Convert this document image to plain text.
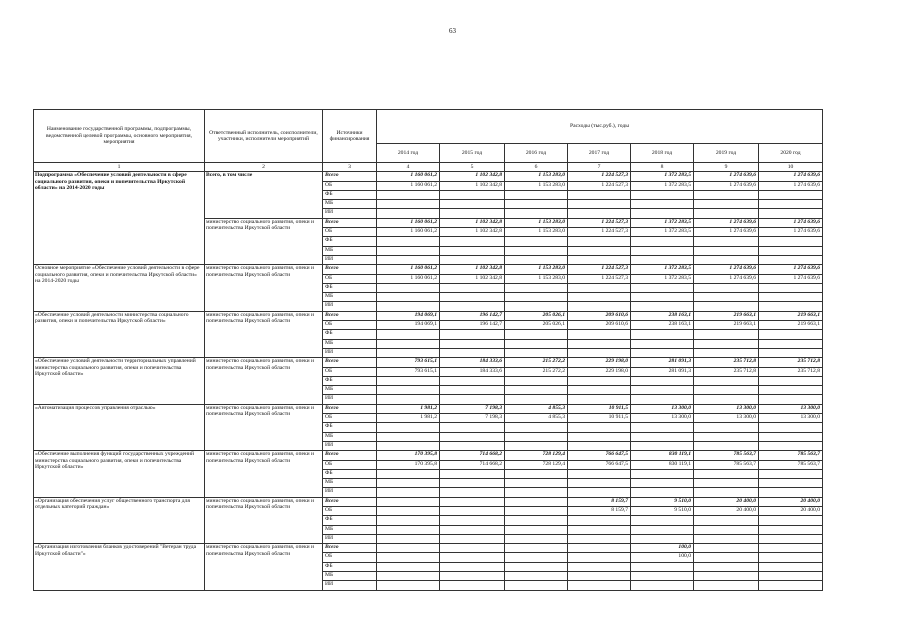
63
Наименование государственной программы, подпрограммы, ведомственной целевой программы, основного мероприятия, мероприятия	Ответственный исполнитель, соисполнители, участники, исполнители мероприятий	Источники финансирования	Расходы (тыс.руб.), годы						
			2014 год	2015 год	2016 год	2017 год	2018 год	2019 год	2020 год
1	2	3	4	5	6	7	8	9	10
Подпрограмма «Обеспечение условий деятельности в сфере социального развития, опеки и попечительства Иркутской области» на 2014-2020 годы	Всего, в том числе	Всего	1 160 061,2	1 102 342,8	1 153 283,0	1 224 527,3	1 372 283,5	1 274 639,6	1 274 639,6
		ОБ	1 160 061,2	1 102 342,8	1 153 283,0	1 224 527,3	1 372 283,5	1 274 639,6	1 274 639,6
		ФБ							
		МБ							
		ИИ							
	министерство социального развития, опеки и попечительства Иркутской области	Всего	1 160 061,2	1 102 342,8	1 153 283,0	1 224 527,3	1 372 283,5	1 274 639,6	1 274 639,6
		ОБ	1 160 061,2	1 102 342,8	1 153 283,0	1 224 527,3	1 372 283,5	1 274 639,6	1 274 639,6
		ФБ							
		МБ							
		ИИ							
Основное мероприятие «Обеспечение условий деятельности в сфере социального развития, опеки и попечительства Иркутской области» на 2014-2020 годы	министерство социального развития, опеки и попечительства Иркутской области	Всего	1 160 061,2	1 102 342,8	1 153 283,0	1 224 527,3	1 372 283,5	1 274 639,6	1 274 639,6
		ОБ	1 160 061,2	1 102 342,8	1 153 283,0	1 224 527,3	1 372 283,5	1 274 639,6	1 274 639,6
		ФБ							
		МБ							
		ИИ							
«Обеспечение условий деятельности министерства социального развития, опеки и попечительства Иркутской области»	министерство социального развития, опеки и попечительства Иркутской области	Всего	194 069,1	196 142,7	205 026,1	209 610,6	238 163,1	219 663,1	219 663,1
		ОБ	194 069,1	196 142,7	205 026,1	209 610,6	238 163,1	219 663,1	219 663,1
		ФБ							
		МБ							
		ИИ							
«Обеспечение условий деятельности территориальных управлений министерства социального развития, опеки и попечительства Иркутской области»	министерство социального развития, опеки и попечительства Иркутской области	Всего	793 615,1	184 333,6	215 272,2	229 198,0	281 091,3	235 712,8	235 712,8
		ОБ	793 615,1	184 333,6	215 272,2	229 198,0	281 091,3	235 712,8	235 712,8
		ФБ							
		МБ							
		ИИ							
«Автоматизация процессов управления отраслью»	министерство социального развития, опеки и попечительства Иркутской области	Всего	1 981,2	7 198,3	4 855,3	10 911,5	13 300,0	13 300,0	13 300,0
		ОБ	1 981,2	7 198,3	4 855,3	10 911,5	13 300,0	13 300,0	13 300,0
		ФБ							
		МБ							
		ИИ							
«Обеспечение выполнения функций государственных учреждений министерства социального развития, опеки и попечительства Иркутской области»	министерство социального развития, опеки и попечительства Иркутской области	Всего	170 395,8	714 668,2	728 129,4	766 647,5	830 119,1	785 563,7	785 563,7
		ОБ	170 395,8	714 668,2	728 129,4	766 647,5	830 119,1	785 563,7	785 563,7
		ФБ							
		МБ							
		ИИ							
«Организация обеспечения услуг общественного транспорта для отдельных категорий граждан»	министерство социального развития, опеки и попечительства Иркутской области	Всего				8 159,7	9 510,0	20 400,0	20 400,0
		ОБ				8 159,7	9 510,0	20 400,0	20 400,0
		ФБ							
		МБ							
		ИИ							
«Организация изготовления бланков удостоверений "Ветеран труда Иркутской области"»	министерство социального развития, опеки и попечительства Иркутской области	Всего					100,0		
		ОБ					100,0		
		ФБ							
		МБ							
		ИИ							
